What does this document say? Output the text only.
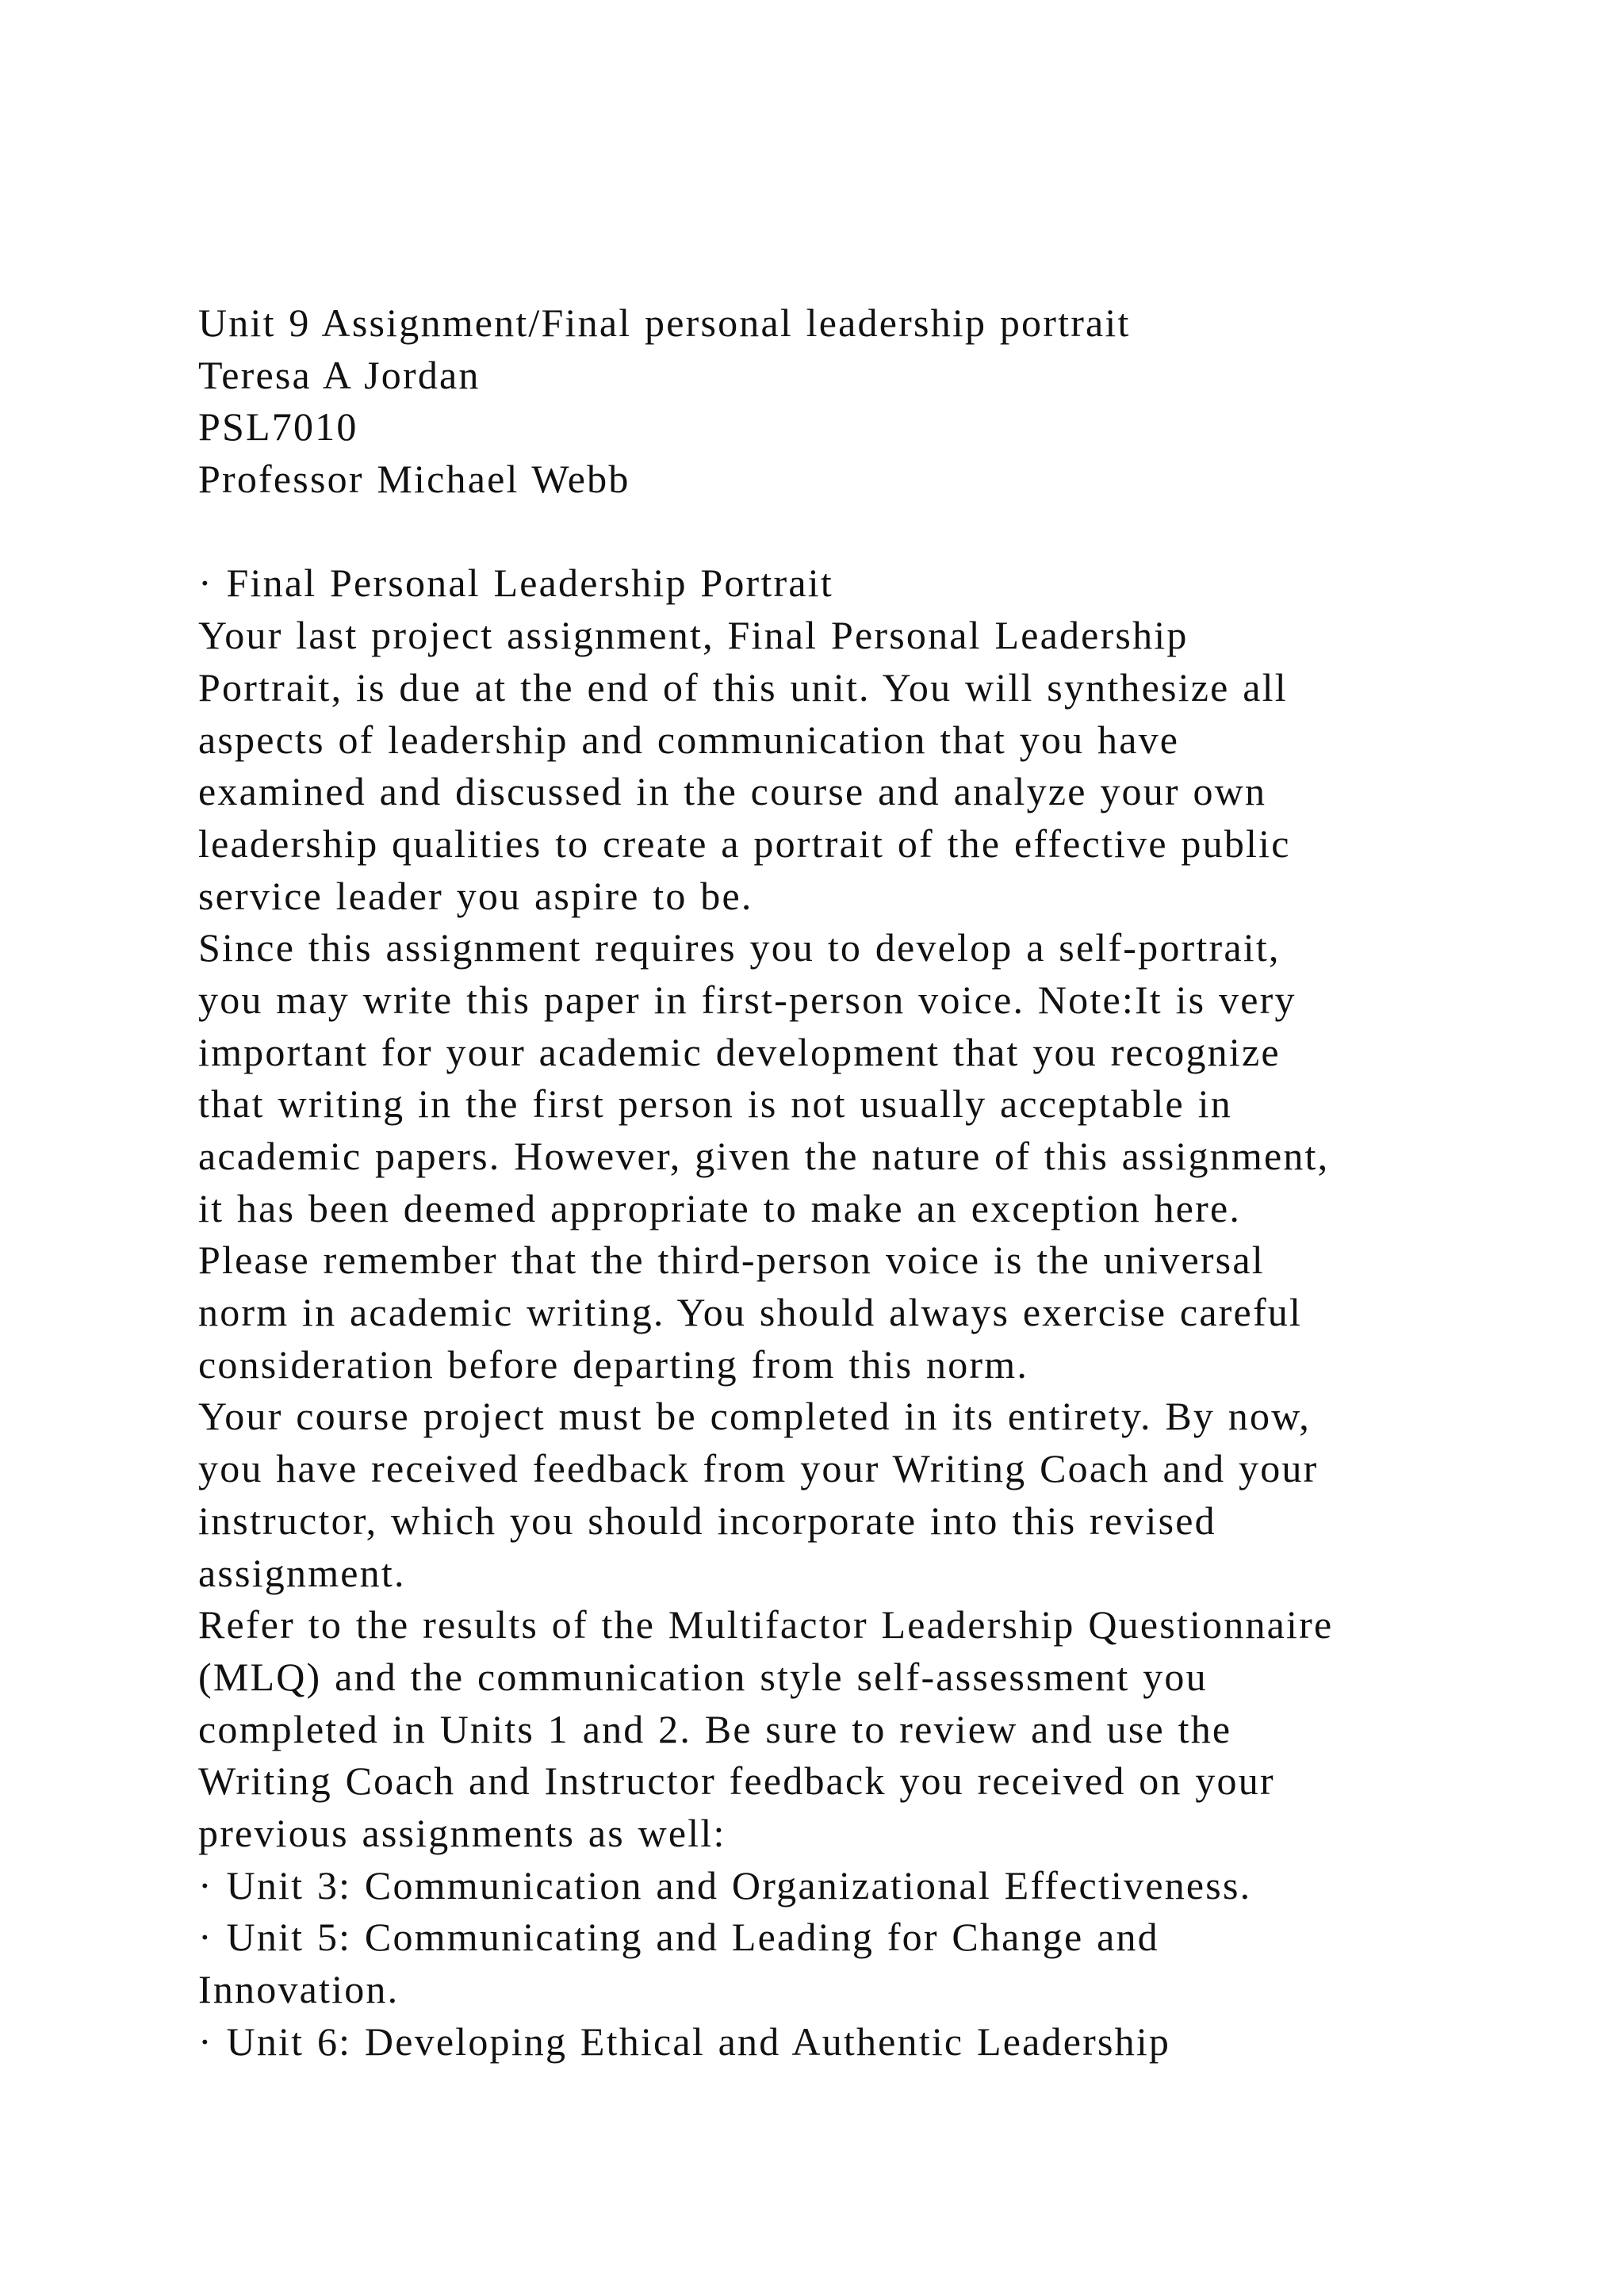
Unit 9 Assignment/Final personal leadership portrait
Teresa A Jordan
PSL7010
Professor Michael Webb
· Final Personal Leadership Portrait
Your last project assignment, Final Personal Leadership
Portrait, is due at the end of this unit. You will synthesize all
aspects of leadership and communication that you have
examined and discussed in the course and analyze your own
leadership qualities to create a portrait of the effective public
service leader you aspire to be.
Since this assignment requires you to develop a self-portrait,
you may write this paper in first-person voice. Note:It is very
important for your academic development that you recognize
that writing in the first person is not usually acceptable in
academic papers. However, given the nature of this assignment,
it has been deemed appropriate to make an exception here.
Please remember that the third-person voice is the universal
norm in academic writing. You should always exercise careful
consideration before departing from this norm.
Your course project must be completed in its entirety. By now,
you have received feedback from your Writing Coach and your
instructor, which you should incorporate into this revised
assignment.
Refer to the results of the Multifactor Leadership Questionnaire
(MLQ) and the communication style self-assessment you
completed in Units 1 and 2. Be sure to review and use the
Writing Coach and Instructor feedback you received on your
previous assignments as well:
· Unit 3: Communication and Organizational Effectiveness.
· Unit 5: Communicating and Leading for Change and
Innovation.
· Unit 6: Developing Ethical and Authentic Leadership
